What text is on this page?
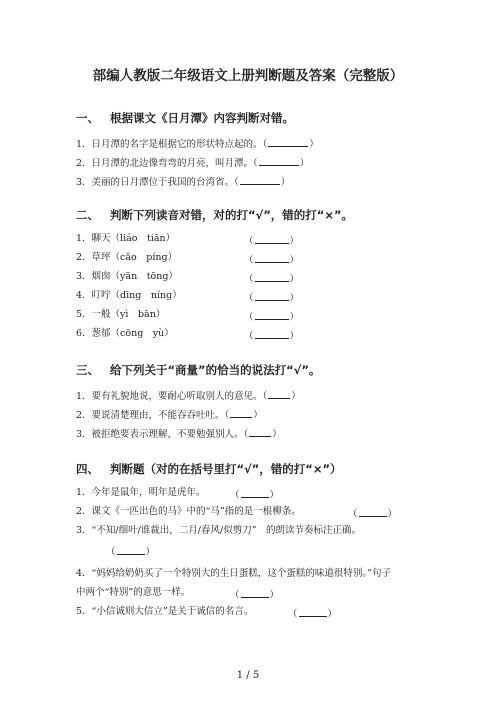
部编人教版二年级语文上册判断题及答案（完整版）
一、 根据课文《日月潭》内容判断对错。
1．日月潭的名字是根据它的形状特点起的。（	）
2．日月潭的北边像弯弯的月亮，叫月潭。（	）
3．美丽的日月潭位于我国的台湾省。（	）
二、 判断下列读音对错，对的打“√”，错的打“×”。
1．聊天（liáo　tiān）	（	）
2．草坪（cǎo　pínɡ）	（	）
3．烟囱（yān　tōnɡ）	（	）
4．叮咛（dīnɡ　nínɡ）	（	）
5．一般（yì　bān）	（	）
6．葱郁（cōnɡ　yù）	（	）
三、 给下列关于“商量”的恰当的说法打“√”。
1．要有礼貌地说，要耐心听取别人的意见。（	）
2．要说清楚理由，不能吞吞吐吐。（	）
3．被拒绝要表示理解，不要勉强别人。（	）
四、 判断题（对的在括号里打“√”，错的打“×”）
1．今年是鼠年，明年是虎年。	（	）
2．课文《一匹出色的马》中的“马”指的是一根柳条。	（	）
3．“不知/细叶/谁裁出，二月/春风/似剪刀”　的朗读节奏标注正确。
（	）
4．“妈妈给奶奶买了一个特别大的生日蛋糕，这个蛋糕的味道很特别。”句子
中两个“特别”的意思一样。	（	）
5．“小信诚则大信立”是关于诚信的名言。	（	）
1 / 5
